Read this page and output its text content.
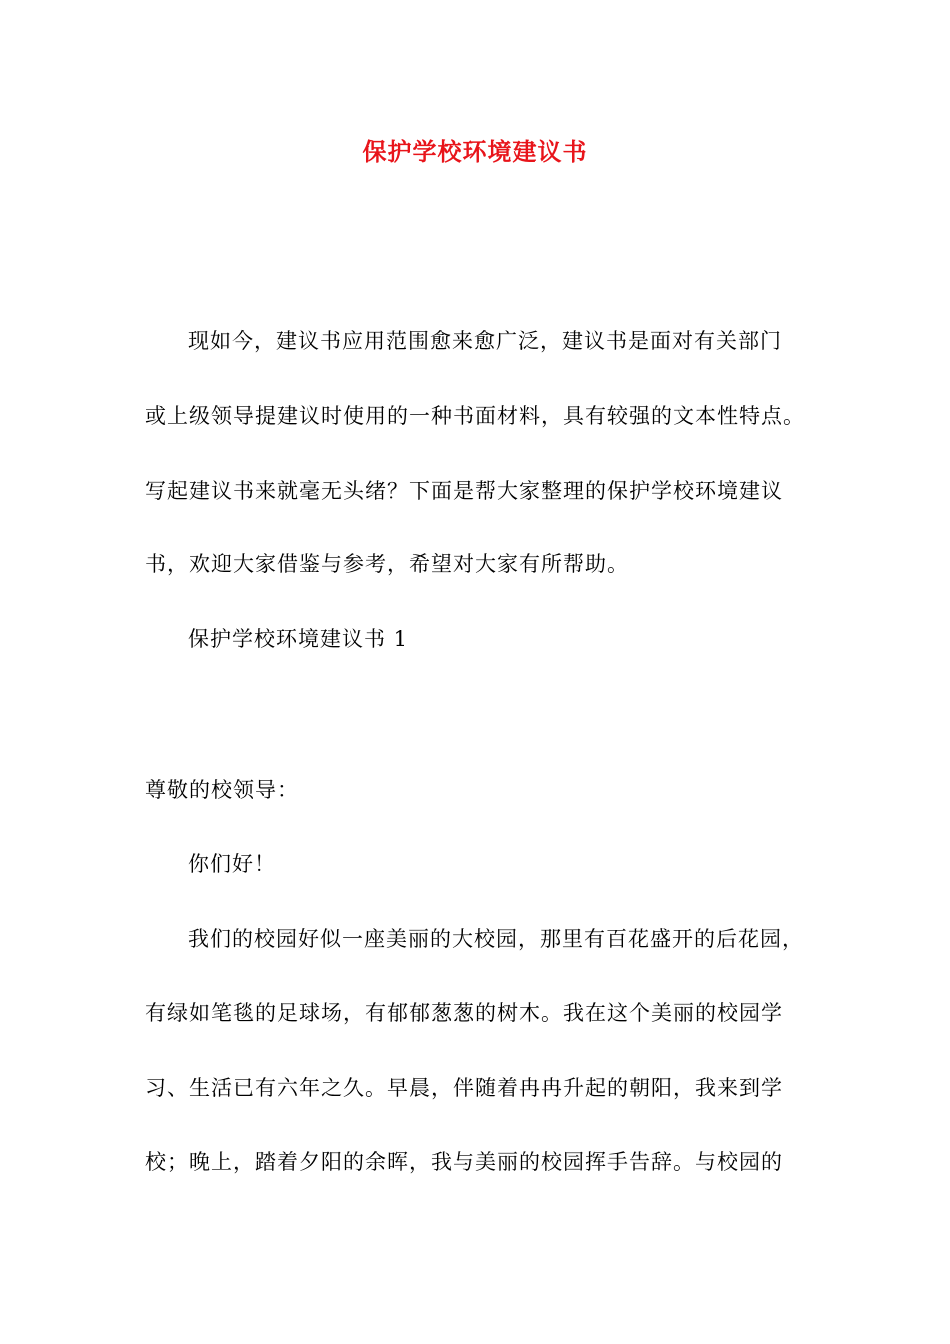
保护学校环境建议书
现如今，建议书应用范围愈来愈广泛，建议书是面对有关部门
或上级领导提建议时使用的一种书面材料，具有较强的文本性特点。
写起建议书来就毫无头绪？下面是帮大家整理的保护学校环境建议
书，欢迎大家借鉴与参考，希望对大家有所帮助。
保护学校环境建议书 1
尊敬的校领导：
你们好！
我们的校园好似一座美丽的大校园，那里有百花盛开的后花园，
有绿如笔毯的足球场，有郁郁葱葱的树木。我在这个美丽的校园学
习、生活已有六年之久。早晨，伴随着冉冉升起的朝阳，我来到学
校；晚上，踏着夕阳的余晖，我与美丽的校园挥手告辞。与校园的
